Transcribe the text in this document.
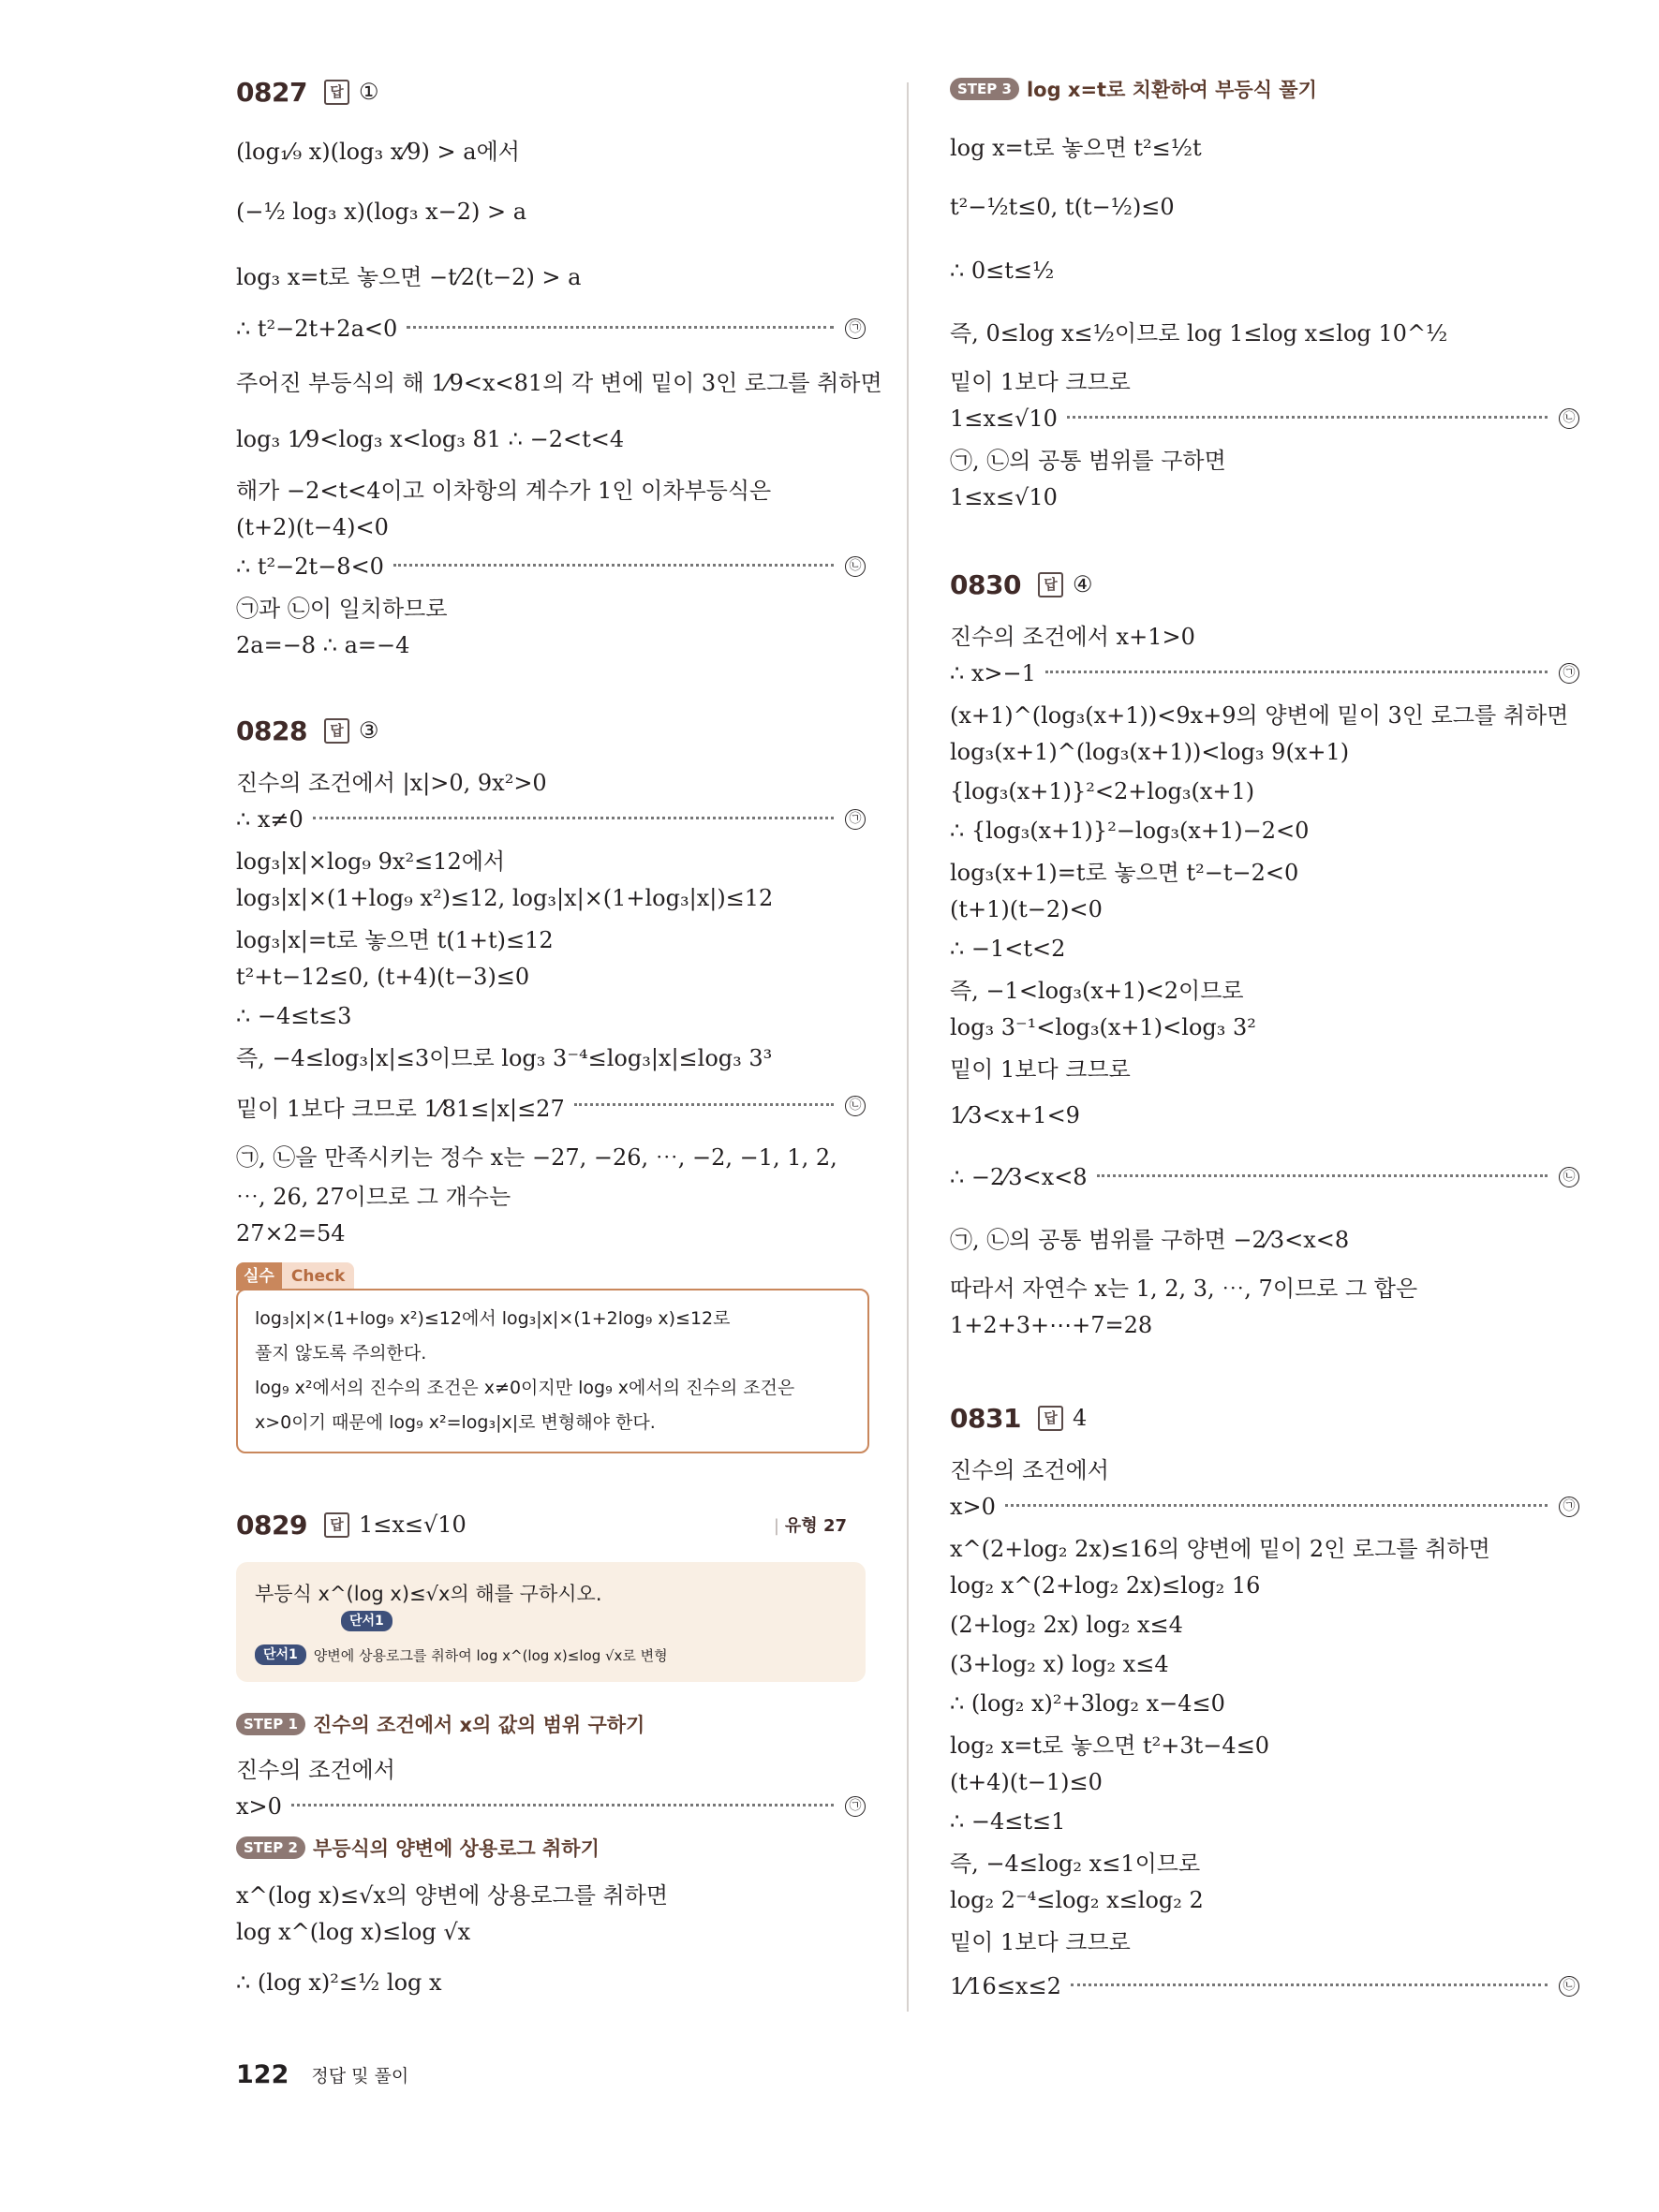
0827	답 ①
(log₁⁄₉ x)(log₃ x⁄9) > a에서
(−½ log₃ x)(log₃ x−2) > a
log₃ x=t로 놓으면 −t⁄2(t−2) > a
∴ t²−2t+2a<0	㉠
주어진 부등식의 해 1⁄9<x<81의 각 변에 밑이 3인 로그를 취하면
log₃ 1⁄9<log₃ x<log₃ 81 ∴ −2<t<4
해가 −2<t<4이고 이차항의 계수가 1인 이차부등식은
(t+2)(t−4)<0
∴ t²−2t−8<0	㉡
㉠과 ㉡이 일치하므로
2a=−8 ∴ a=−4
0828	답 ③
진수의 조건에서 |x|>0, 9x²>0
∴ x≠0	㉠
log₃|x|×log₉ 9x²≤12에서
log₃|x|×(1+log₉ x²)≤12, log₃|x|×(1+log₃|x|)≤12
log₃|x|=t로 놓으면 t(1+t)≤12
t²+t−12≤0, (t+4)(t−3)≤0
∴ −4≤t≤3
즉, −4≤log₃|x|≤3이므로 log₃ 3⁻⁴≤log₃|x|≤log₃ 3³
밑이 1보다 크므로 1⁄81≤|x|≤27	㉡
㉠, ㉡을 만족시키는 정수 x는 −27, −26, ⋯, −2, −1, 1, 2,
⋯, 26, 27이므로 그 개수는
27×2=54
실수	Check
log₃|x|×(1+log₉ x²)≤12에서 log₃|x|×(1+2log₉ x)≤12로
풀지 않도록 주의한다.
log₉ x²에서의 진수의 조건은 x≠0이지만 log₉ x에서의 진수의 조건은
x>0이기 때문에 log₉ x²=log₃|x|로 변형해야 한다.
0829	답 1≤x≤√10	| 유형 27
부등식 x^(log x)≤√x의 해를 구하시오.
단서1
단서1	양변에 상용로그를 취하여 log x^(log x)≤log √x로 변형
STEP 1 진수의 조건에서 x의 값의 범위 구하기
진수의 조건에서
x>0	㉠
STEP 2 부등식의 양변에 상용로그 취하기
x^(log x)≤√x의 양변에 상용로그를 취하면
log x^(log x)≤log √x
∴ (log x)²≤½ log x
STEP 3 log x=t로 치환하여 부등식 풀기
log x=t로 놓으면 t²≤½t
t²−½t≤0, t(t−½)≤0
∴ 0≤t≤½
즉, 0≤log x≤½이므로 log 1≤log x≤log 10^½
밑이 1보다 크므로
1≤x≤√10	㉡
㉠, ㉡의 공통 범위를 구하면
1≤x≤√10
0830	답 ④
진수의 조건에서 x+1>0
∴ x>−1	㉠
(x+1)^(log₃(x+1))<9x+9의 양변에 밑이 3인 로그를 취하면
log₃(x+1)^(log₃(x+1))<log₃ 9(x+1)
{log₃(x+1)}²<2+log₃(x+1)
∴ {log₃(x+1)}²−log₃(x+1)−2<0
log₃(x+1)=t로 놓으면 t²−t−2<0
(t+1)(t−2)<0
∴ −1<t<2
즉, −1<log₃(x+1)<2이므로
log₃ 3⁻¹<log₃(x+1)<log₃ 3²
밑이 1보다 크므로
1⁄3<x+1<9
∴ −2⁄3<x<8	㉡
㉠, ㉡의 공통 범위를 구하면 −2⁄3<x<8
따라서 자연수 x는 1, 2, 3, ⋯, 7이므로 그 합은
1+2+3+⋯+7=28
0831	답 4
진수의 조건에서
x>0	㉠
x^(2+log₂ 2x)≤16의 양변에 밑이 2인 로그를 취하면
log₂ x^(2+log₂ 2x)≤log₂ 16
(2+log₂ 2x) log₂ x≤4
(3+log₂ x) log₂ x≤4
∴ (log₂ x)²+3log₂ x−4≤0
log₂ x=t로 놓으면 t²+3t−4≤0
(t+4)(t−1)≤0
∴ −4≤t≤1
즉, −4≤log₂ x≤1이므로
log₂ 2⁻⁴≤log₂ x≤log₂ 2
밑이 1보다 크므로
1⁄16≤x≤2	㉡
122 정답 및 풀이
